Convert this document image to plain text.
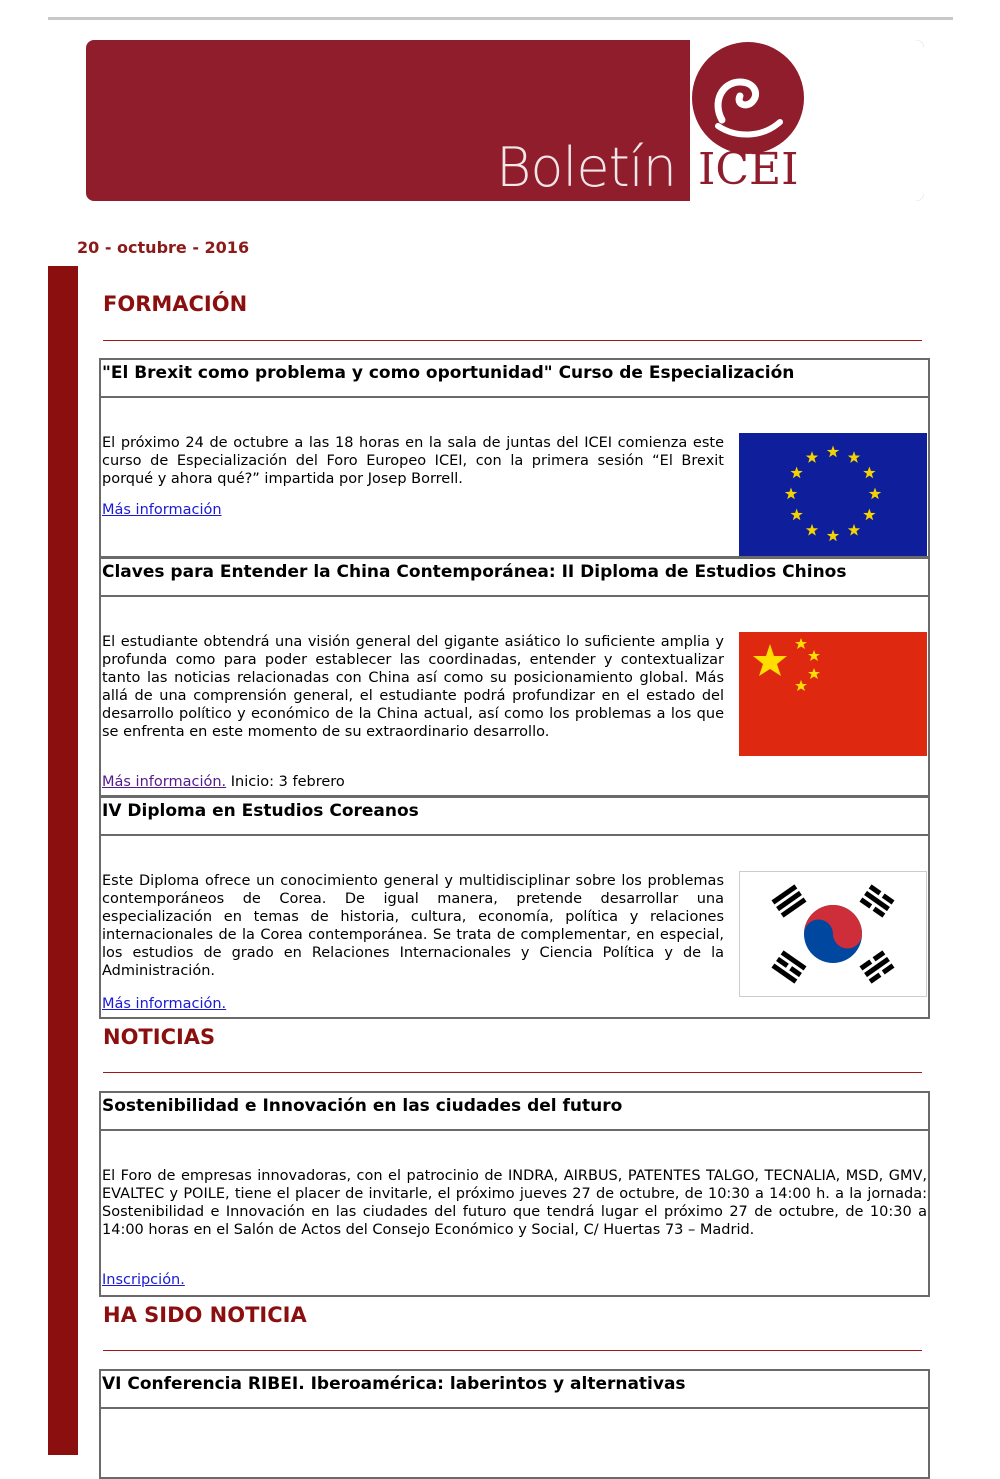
Boletín ICEI
20 - octubre - 2016
FORMACIÓN
"El Brexit como problema y como oportunidad" Curso de Especialización
El próximo 24 de octubre a las 18 horas en la sala de juntas del ICEI comienza este curso de Especialización del Foro Europeo ICEI, con la primera sesión “El Brexit porqué y ahora qué?” impartida por Josep Borrell.
Más información
Claves para Entender la China Contemporánea: II Diploma de Estudios Chinos
El estudiante obtendrá una visión general del gigante asiático lo suficiente amplia y profunda como para poder establecer las coordinadas, entender y contextualizar tanto las noticias relacionadas con China así como su posicionamiento global. Más allá de una comprensión general, el estudiante podrá profundizar en el estado del desarrollo político y económico de la China actual, así como los problemas a los que se enfrenta en este momento de su extraordinario desarrollo.
Más información. Inicio: 3 febrero
IV Diploma en Estudios Coreanos
Este Diploma ofrece un conocimiento general y multidisciplinar sobre los problemas contemporáneos de Corea. De igual manera, pretende desarrollar una especialización en temas de historia, cultura, economía, política y relaciones internacionales de la Corea contemporánea. Se trata de complementar, en especial, los estudios de grado en Relaciones Internacionales y Ciencia Política y de la Administración.
Más información.
NOTICIAS
Sostenibilidad e Innovación en las ciudades del futuro
El Foro de empresas innovadoras, con el patrocinio de INDRA, AIRBUS, PATENTES TALGO, TECNALIA, MSD, GMV, EVALTEC y POILE, tiene el placer de invitarle, el próximo jueves 27 de octubre, de 10:30 a 14:00 h. a la jornada: Sostenibilidad e Innovación en las ciudades del futuro que tendrá lugar el próximo 27 de octubre, de 10:30 a 14:00 horas en el Salón de Actos del Consejo Económico y Social, C/ Huertas 73 – Madrid.
Inscripción.
HA SIDO NOTICIA
VI Conferencia RIBEI. Iberoamérica: laberintos y alternativas
